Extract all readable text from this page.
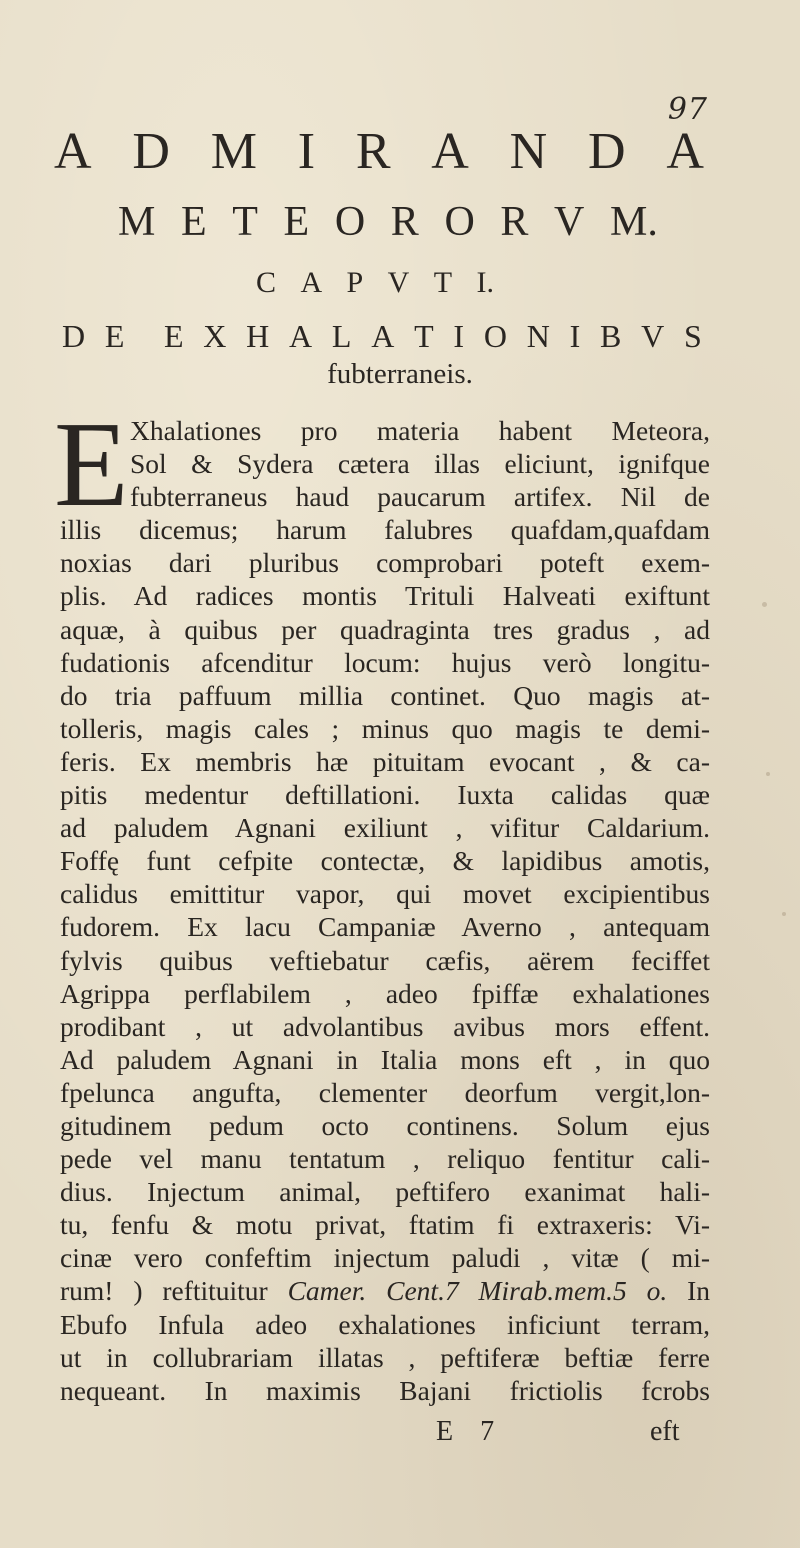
97
A D M I R A N D A
M E T E O R O R V M.
C A P V T I.
D E E X H A L A T I O N I B V S
fubterraneis.
E Xhalationes pro materia habent Meteora,
Sol & Sydera cætera illas eliciunt, ignifque
fubterraneus haud paucarum artifex. Nil de
illis dicemus; harum falubres quafdam,quafdam
noxias dari pluribus comprobari poteft exem-
plis. Ad radices montis Trituli Halveati exiftunt
aquæ, à quibus per quadraginta tres gradus , ad
fudationis afcenditur locum: hujus verò longitu-
do tria paffuum millia continet. Quo magis at-
tolleris, magis cales ; minus quo magis te demi-
feris. Ex membris hæ pituitam evocant , & ca-
pitis medentur deftillationi. Iuxta calidas quæ
ad paludem Agnani exiliunt , vifitur Caldarium.
Foffę funt cefpite contectæ, & lapidibus amotis,
calidus emittitur vapor, qui movet excipientibus
fudorem. Ex lacu Campaniæ Averno , antequam
fylvis quibus veftiebatur cæfis, aërem feciffet
Agrippa perflabilem , adeo fpiffæ exhalationes
prodibant , ut advolantibus avibus mors effent.
Ad paludem Agnani in Italia mons eft , in quo
fpelunca angufta, clementer deorfum vergit,lon-
gitudinem pedum octo continens. Solum ejus
pede vel manu tentatum , reliquo fentitur cali-
dius. Injectum animal, peftifero exanimat hali-
tu, fenfu & motu privat, ftatim fi extraxeris: Vi-
cinæ vero confeftim injectum paludi , vitæ ( mi-
rum! ) reftituitur Camer. Cent.7 Mirab.mem.5 o. In
Ebufo Infula adeo exhalationes inficiunt terram,
ut in collubrariam illatas , peftiferæ beftiæ ferre
nequeant. In maximis Bajani frictiolis fcrobs
E 7	eft
